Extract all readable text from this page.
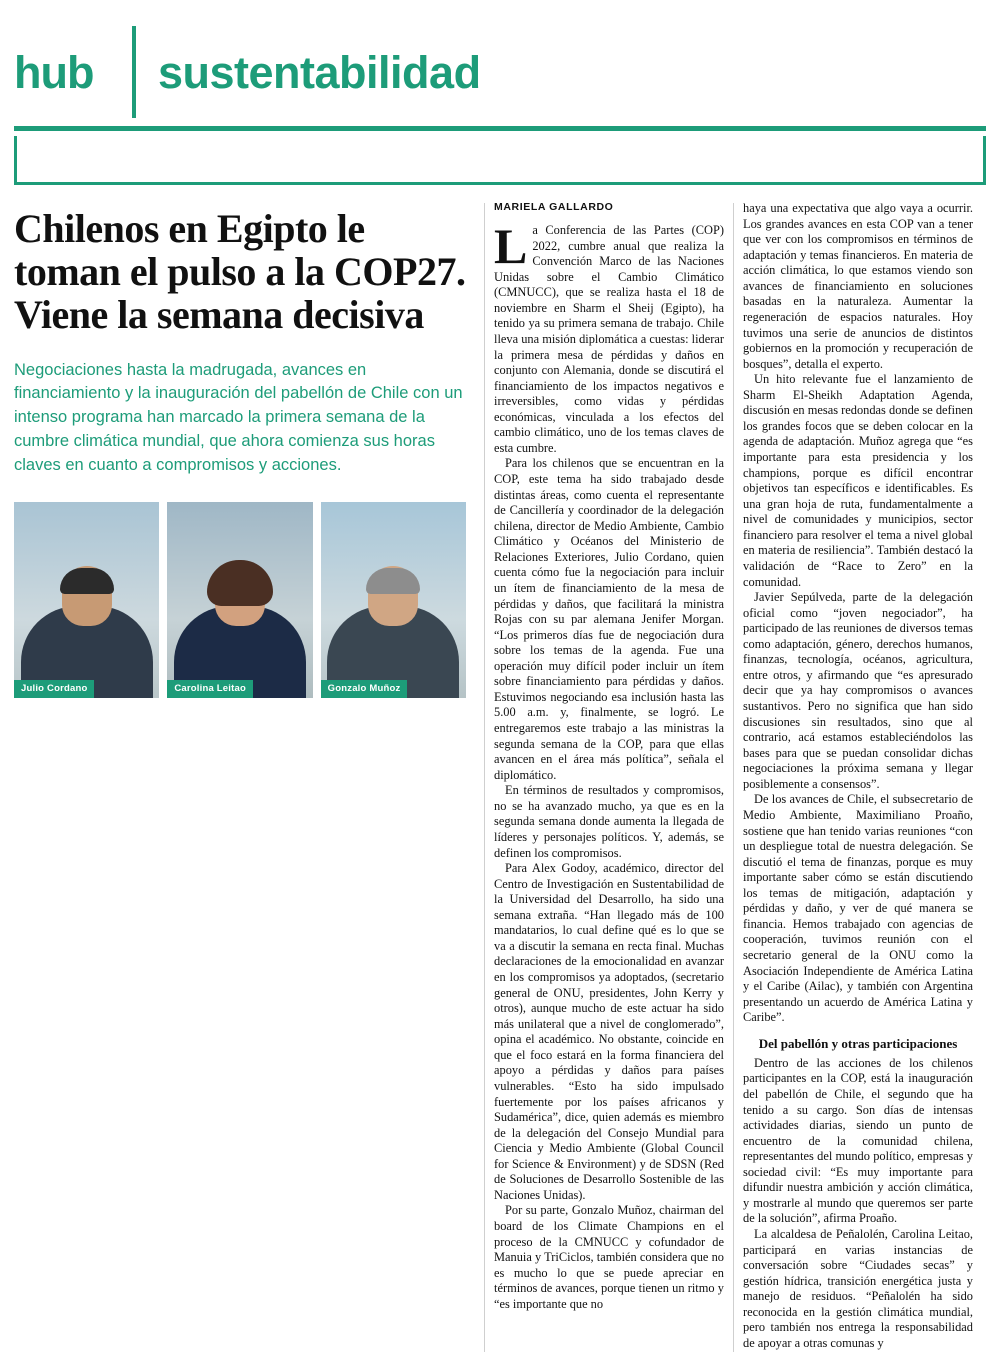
hub sustentabilidad
Chilenos en Egipto le toman el pulso a la COP27. Viene la semana decisiva
Negociaciones hasta la madrugada, avances en financiamiento y la inauguración del pabellón de Chile con un intenso programa han marcado la primera semana de la cumbre climática mundial, que ahora comienza sus horas claves en cuanto a compromisos y acciones.
Julio Cordano	Carolina Leitao	Gonzalo Muñoz
MARIELA GALLARDO

La Conferencia de las Partes (COP) 2022, cumbre anual que realiza la Convención Marco de las Naciones Unidas sobre el Cambio Climático (CMNUCC), que se realiza hasta el 18 de noviembre en Sharm el Sheij (Egipto), ha tenido ya su primera semana de trabajo. Chile lleva una misión diplomática a cuestas: liderar la primera mesa de pérdidas y daños en conjunto con Alemania, donde se discutirá el financiamiento de los impactos negativos e irreversibles, como vidas y pérdidas económicas, vinculada a los efectos del cambio climático, uno de los temas claves de esta cumbre.

Para los chilenos que se encuentran en la COP, este tema ha sido trabajado desde distintas áreas, como cuenta el representante de Cancillería y coordinador de la delegación chilena, director de Medio Ambiente, Cambio Climático y Océanos del Ministerio de Relaciones Exteriores, Julio Cordano, quien cuenta cómo fue la negociación para incluir un ítem de financiamiento de la mesa de pérdidas y daños, que facilitará la ministra Rojas con su par alemana Jenifer Morgan. “Los primeros días fue de negociación dura sobre los temas de la agenda. Fue una operación muy difícil poder incluir un ítem sobre financiamiento para pérdidas y daños. Estuvimos negociando esa inclusión hasta las 5.00 a.m. y, finalmente, se logró. Le entregaremos este trabajo a las ministras la segunda semana de la COP, para que ellas avancen en el área más política”, señala el diplomático.

En términos de resultados y compromisos, no se ha avanzado mucho, ya que es en la segunda semana donde aumenta la llegada de líderes y personajes políticos. Y, además, se definen los compromisos.

Para Alex Godoy, académico, director del Centro de Investigación en Sustentabilidad de la Universidad del Desarrollo, ha sido una semana extraña. “Han llegado más de 100 mandatarios, lo cual define qué es lo que se va a discutir la semana en recta final. Muchas declaraciones de la emocionalidad en avanzar en los compromisos ya adoptados, (secretario general de ONU, presidentes, John Kerry y otros), aunque mucho de este actuar ha sido más unilateral que a nivel de conglomerado”, opina el académico. No obstante, coincide en que el foco estará en la forma financiera del apoyo a pérdidas y daños para países vulnerables. “Esto ha sido impulsado fuertemente por los países africanos y Sudamérica”, dice, quien además es miembro de la delegación del Consejo Mundial para Ciencia y Medio Ambiente (Global Council for Science & Environment) y de SDSN (Red de Soluciones de Desarrollo Sostenible de las Naciones Unidas).

Por su parte, Gonzalo Muñoz, chairman del board de los Climate Champions en el proceso de la CMNUCC y cofundador de Manuia y TriCiclos, también considera que no es mucho lo que se puede apreciar en términos de avances, porque tienen un ritmo y “es importante que no

haya una expectativa que algo vaya a ocurrir. Los grandes avances en esta COP van a tener que ver con los compromisos en términos de adaptación y temas financieros. En materia de acción climática, lo que estamos viendo son avances de financiamiento en soluciones basadas en la naturaleza. Aumentar la regeneración de espacios naturales. Hoy tuvimos una serie de anuncios de distintos gobiernos en la promoción y recuperación de bosques”, detalla el experto.

Un hito relevante fue el lanzamiento de Sharm El-Sheikh Adaptation Agenda, discusión en mesas redondas donde se definen los grandes focos que se deben colocar en la agenda de adaptación. Muñoz agrega que “es importante para esta presidencia y los champions, porque es difícil encontrar objetivos tan específicos e identificables. Es una gran hoja de ruta, fundamentalmente a nivel de comunidades y municipios, sector financiero para resolver el tema a nivel global en materia de resiliencia”. También destacó la validación de “Race to Zero” en la comunidad.

Javier Sepúlveda, parte de la delegación oficial como “joven negociador”, ha participado de las reuniones de diversos temas como adaptación, género, derechos humanos, finanzas, tecnología, océanos, agricultura, entre otros, y afirmando que “es apresurado decir que ya hay compromisos o avances sustantivos. Pero no significa que han sido discusiones sin resultados, sino que al contrario, acá estamos estableciéndolos las bases para que se puedan consolidar dichas negociaciones la próxima semana y llegar posiblemente a consensos”.

De los avances de Chile, el subsecretario de Medio Ambiente, Maximiliano Proaño, sostiene que han tenido varias reuniones “con un despliegue total de nuestra delegación. Se discutió el tema de finanzas, porque es muy importante saber cómo se están discutiendo los temas de mitigación, adaptación y pérdidas y daño, y ver de qué manera se financia. Hemos trabajado con agencias de cooperación, tuvimos reunión con el secretario general de la ONU como la Asociación Independiente de América Latina y el Caribe (Ailac), y también con Argentina presentando un acuerdo de América Latina y Caribe”.

Del pabellón y otras participaciones

Dentro de las acciones de los chilenos participantes en la COP, está la inauguración del pabellón de Chile, el segundo que ha tenido a su cargo. Son días de intensas actividades diarias, siendo un punto de encuentro de la comunidad chilena, representantes del mundo político, empresas y sociedad civil: “Es muy importante para difundir nuestra ambición y acción climática, y mostrarle al mundo que queremos ser parte de la solución”, afirma Proaño.

La alcaldesa de Peñalolén, Carolina Leitao, participará en varias instancias de conversación sobre “Ciudades secas” y gestión hídrica, transición energética justa y manejo de residuos. “Peñalolén ha sido reconocida en la gestión climática mundial, pero también nos entrega la responsabilidad de apoyar a otras comunas y
